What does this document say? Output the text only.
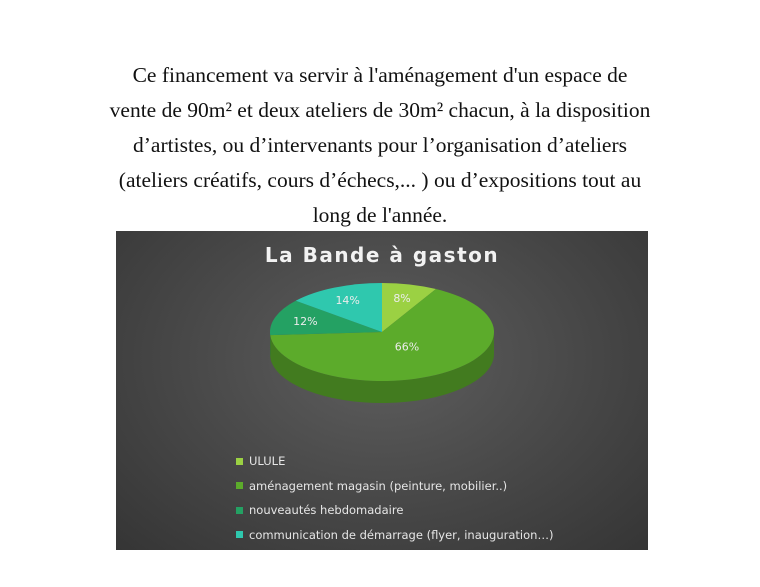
Ce financement va servir à l'aménagement d'un espace de
vente de 90m² et deux ateliers de 30m² chacun, à la disposition
d’artistes, ou d’intervenants pour l’organisation d’ateliers
(ateliers créatifs, cours d’échecs,... ) ou d’expositions tout au
long de l'année.
La Bande à gaston
8%
66%
12%
14%
ULULE
aménagement magasin (peinture, mobilier..)
nouveautés hebdomadaire
communication de démarrage (flyer, inauguration…)
